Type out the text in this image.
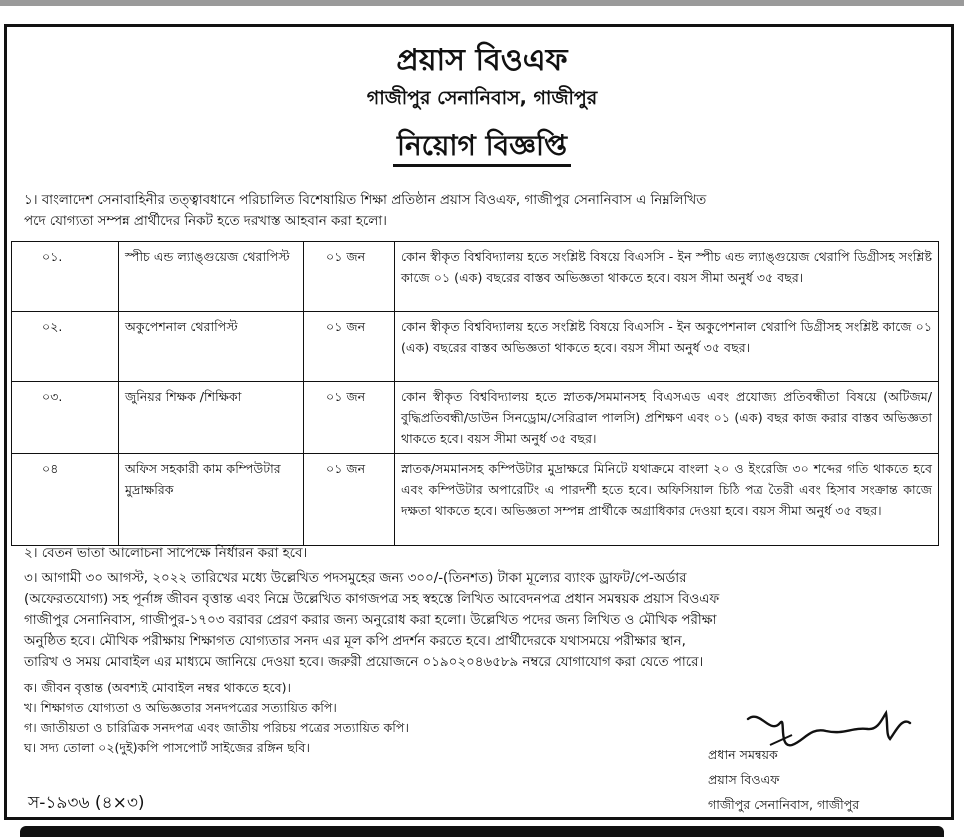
প্রয়াস বিওএফ
গাজীপুর সেনানিবাস, গাজীপুর
নিয়োগ বিজ্ঞপ্তি
১। বাংলাদেশ সেনাবাহিনীর তত্ত্বাবধানে পরিচালিত বিশেষায়িত শিক্ষা প্রতিষ্ঠান প্রয়াস বিওএফ, গাজীপুর সেনানিবাস এ নিম্নলিখিত
পদে যোগ্যতা সম্পন্ন প্রার্থীদের নিকট হতে দরখাস্ত আহবান করা হলো।
০১.	স্পীচ এন্ড ল্যাঙ্গুয়েজ থেরাপিস্ট	০১ জন	কোন স্বীকৃত বিশ্ববিদ্যালয় হতে সংশ্লিষ্ট বিষয়ে বিএসসি - ইন স্পীচ এন্ড ল্যাঙ্গুয়েজ থেরাপি ডিগ্রীসহ সংশ্লিষ্ট কাজে ০১ (এক) বছরের বাস্তব অভিজ্ঞতা থাকতে হবে। বয়স সীমা অনুর্ধ ৩৫ বছর।
০২.	অকুপেশনাল থেরাপিস্ট	০১ জন	কোন স্বীকৃত বিশ্ববিদ্যালয় হতে সংশ্লিষ্ট বিষয়ে বিএসসি - ইন অকুপেশনাল থেরাপি ডিগ্রীসহ সংশ্লিষ্ট কাজে ০১ (এক) বছরের বাস্তব অভিজ্ঞতা থাকতে হবে। বয়স সীমা অনুর্ধ ৩৫ বছর।
০৩.	জুনিয়র শিক্ষক /শিক্ষিকা	০১ জন	কোন স্বীকৃত বিশ্ববিদ্যালয় হতে স্নাতক/সমমানসহ বিএসএড এবং প্রযোজ্য প্রতিবন্ধীতা বিষয়ে (অটিজম/ বুদ্ধিপ্রতিবন্ধী/ডাউন সিনড্রোম/সেরিব্রাল পালসি) প্রশিক্ষণ এবং ০১ (এক) বছর কাজ করার বাস্তব অভিজ্ঞতা থাকতে হবে। বয়স সীমা অনুর্ধ ৩৫ বছর।
০৪	অফিস সহকারী কাম কম্পিউটার মুদ্রাক্ষরিক	০১ জন	স্নাতক/সমমানসহ কম্পিউটার মুদ্রাক্ষরে মিনিটে যথাক্রমে বাংলা ২০ ও ইংরেজি ৩০ শব্দের গতি থাকতে হবে এবং কম্পিউটার অপারেটিং এ পারদর্শী হতে হবে। অফিসিয়াল চিঠি পত্র তৈরী এবং হিসাব সংক্রান্ত কাজে দক্ষতা থাকতে হবে। অভিজ্ঞতা সম্পন্ন প্রার্থীকে অগ্রাধিকার দেওয়া হবে। বয়স সীমা অনুর্ধ ৩৫ বছর।
২। বেতন ভাতা আলোচনা সাপেক্ষে নির্ধারন করা হবে।
৩। আগামী ৩০ আগস্ট, ২০২২ তারিখের মধ্যে উল্লেখিত পদসমুহের জন্য ৩০০/-(তিনশত) টাকা মূল্যের ব্যাংক ড্রাফট/পে-অর্ডার
(অফেরতযোগ্য) সহ পূর্নাঙ্গ জীবন বৃত্তান্ত এবং নিম্নে উল্লেখিত কাগজপত্র সহ স্বহস্তে লিখিত আবেদনপত্র প্রধান সমন্বয়ক প্রয়াস বিওএফ
গাজীপুর সেনানিবাস, গাজীপুর-১৭০৩ বরাবর প্রেরণ করার জন্য অনুরোধ করা হলো। উল্লেখিত পদের জন্য লিখিত ও মৌখিক পরীক্ষা
অনুষ্ঠিত হবে। মৌখিক পরীক্ষায় শিক্ষাগত যোগ্যতার সনদ এর মূল কপি প্রদর্শন করতে হবে। প্রার্থীদেরকে যথাসময়ে পরীক্ষার স্থান,
তারিখ ও সময় মোবাইল এর মাধ্যমে জানিয়ে দেওয়া হবে। জরুরী প্রয়োজনে ০১৯০২০৪৬৫৮৯ নম্বরে যোগাযোগ করা যেতে পারে।
ক। জীবন বৃত্তান্ত (অবশ্যই মোবাইল নম্বর থাকতে হবে)।
খ। শিক্ষাগত যোগ্যতা ও অভিজ্ঞতার সনদপত্রের সত্যায়িত কপি।
গ। জাতীয়তা ও চারিত্রিক সনদপত্র এবং জাতীয় পরিচয় পত্রের সত্যায়িত কপি।
ঘ। সদ্য তোলা ০২(দুই)কপি পাসপোর্ট সাইজের রঙ্গিন ছবি।	প্রধান সমন্বয়ক
প্রয়াস বিওএফ
গাজীপুর সেনানিবাস, গাজীপুর
স-১৯৩৬ (৪×৩)
